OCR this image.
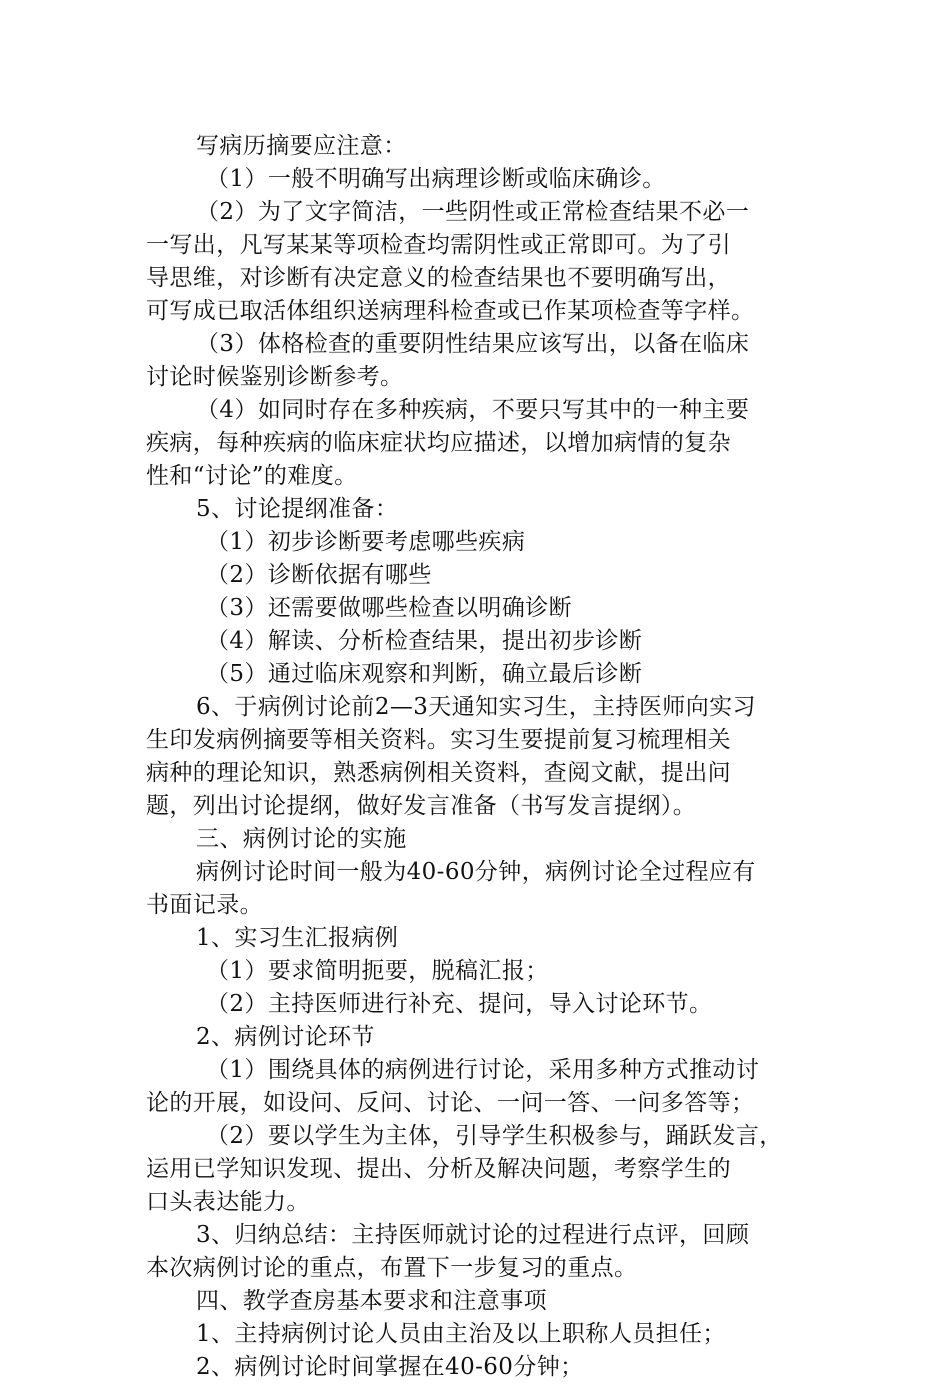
写病历摘要应注意：
（1）一般不明确写出病理诊断或临床确诊。
（2）为了文字简洁，一些阴性或正常检查结果不必一
一写出，凡写某某等项检查均需阴性或正常即可。为了引
导思维，对诊断有决定意义的检查结果也不要明确写出，
可写成已取活体组织送病理科检查或已作某项检查等字样。
（3）体格检查的重要阴性结果应该写出，以备在临床
讨论时候鉴别诊断参考。
（4）如同时存在多种疾病，不要只写其中的一种主要
疾病，每种疾病的临床症状均应描述，以增加病情的复杂
性和“讨论”的难度。
5、讨论提纲准备：
（1）初步诊断要考虑哪些疾病
（2）诊断依据有哪些
（3）还需要做哪些检查以明确诊断
（4）解读、分析检查结果，提出初步诊断
（5）通过临床观察和判断，确立最后诊断
6、于病例讨论前2—3天通知实习生，主持医师向实习
生印发病例摘要等相关资料。实习生要提前复习梳理相关
病种的理论知识，熟悉病例相关资料，查阅文献，提出问
题，列出讨论提纲，做好发言准备（书写发言提纲）。
三、病例讨论的实施
病例讨论时间一般为40-60分钟，病例讨论全过程应有
书面记录。
1、实习生汇报病例
（1）要求简明扼要，脱稿汇报；
（2）主持医师进行补充、提问，导入讨论环节。
2、病例讨论环节
（1）围绕具体的病例进行讨论，采用多种方式推动讨
论的开展，如设问、反问、讨论、一问一答、一问多答等；
（2）要以学生为主体，引导学生积极参与，踊跃发言，
运用已学知识发现、提出、分析及解决问题，考察学生的
口头表达能力。
3、归纳总结：主持医师就讨论的过程进行点评，回顾
本次病例讨论的重点，布置下一步复习的重点。
四、教学查房基本要求和注意事项
1、主持病例讨论人员由主治及以上职称人员担任；
2、病例讨论时间掌握在40-60分钟；
